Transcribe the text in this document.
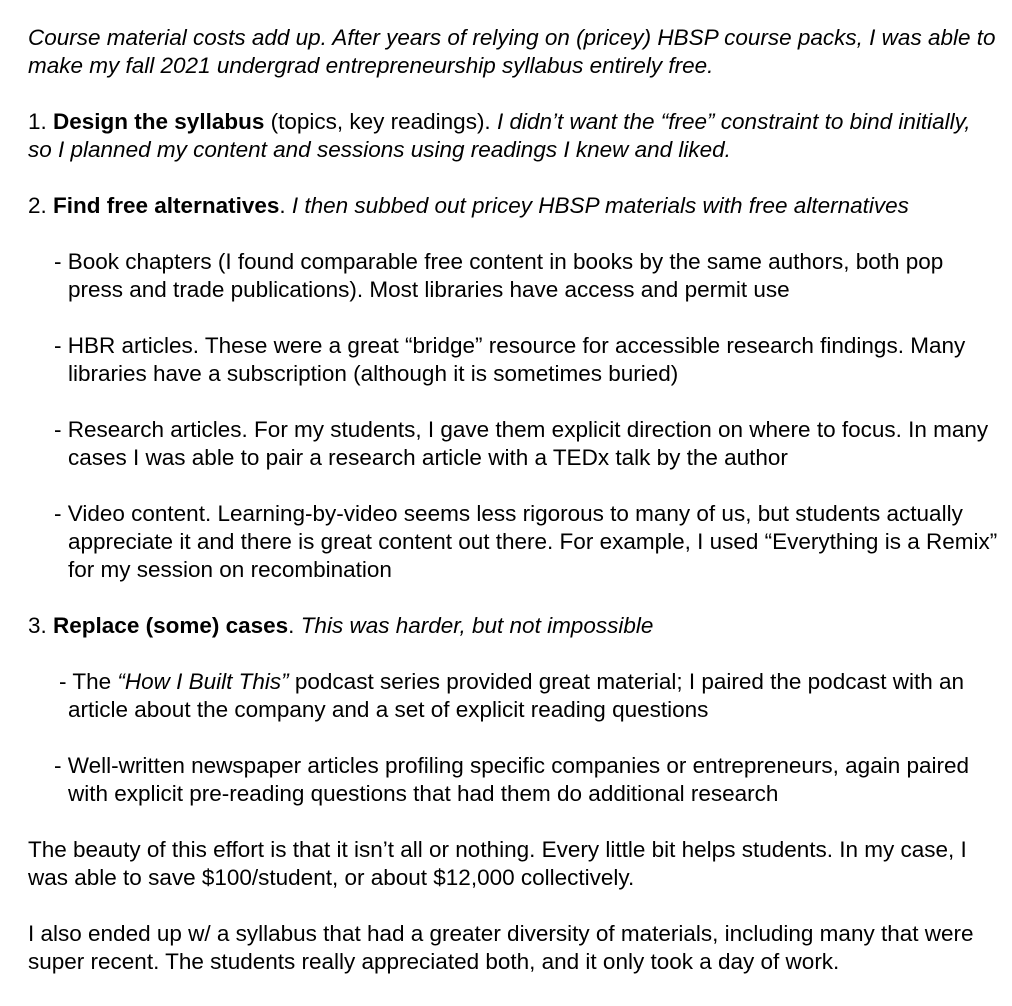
Course material costs add up. After years of relying on (pricey) HBSP course packs, I was able to make my fall 2021 undergrad entrepreneurship syllabus entirely free.

1. Design the syllabus (topics, key readings). I didn’t want the “free” constraint to bind initially, so I planned my content and sessions using readings I knew and liked.

2. Find free alternatives. I then subbed out pricey HBSP materials with free alternatives

- Book chapters (I found comparable free content in books by the same authors, both pop press and trade publications). Most libraries have access and permit use

- HBR articles. These were a great “bridge” resource for accessible research findings. Many libraries have a subscription (although it is sometimes buried)

- Research articles. For my students, I gave them explicit direction on where to focus. In many cases I was able to pair a research article with a TEDx talk by the author

- Video content. Learning-by-video seems less rigorous to many of us, but students actually appreciate it and there is great content out there. For example, I used “Everything is a Remix” for my session on recombination

3. Replace (some) cases. This was harder, but not impossible

- The “How I Built This” podcast series provided great material; I paired the podcast with an article about the company and a set of explicit reading questions

- Well-written newspaper articles profiling specific companies or entrepreneurs, again paired with explicit pre-reading questions that had them do additional research

The beauty of this effort is that it isn’t all or nothing. Every little bit helps students. In my case, I was able to save $100/student, or about $12,000 collectively.

I also ended up w/ a syllabus that had a greater diversity of materials, including many that were super recent. The students really appreciated both, and it only took a day of work.
